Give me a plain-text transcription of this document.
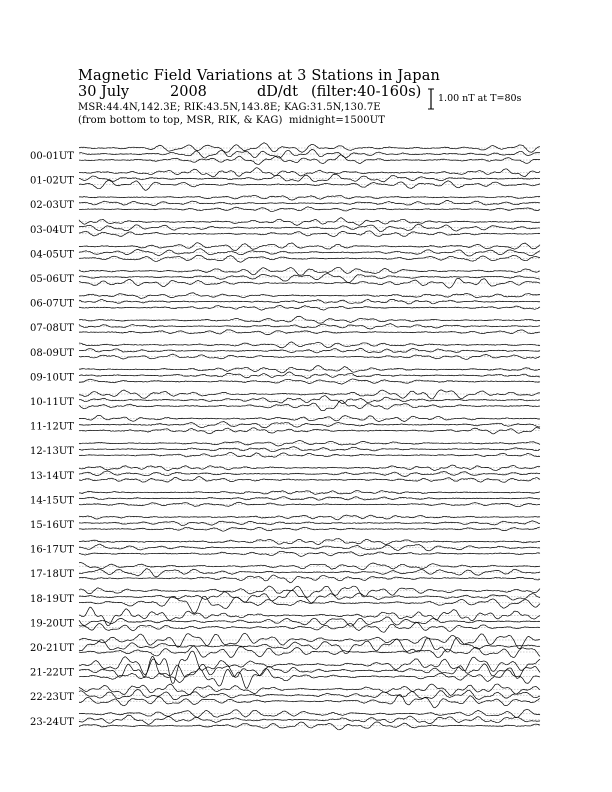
Magnetic Field Variations at 3 Stations in Japan
30 July	2008	dD/dt (filter:40-160s)
MSR:44.4N,142.3E; RIK:43.5N,143.8E; KAG:31.5N,130.7E
(from bottom to top, MSR, RIK, & KAG) midnight=1500UT
1.00 nT at T=80s
00-01UT
01-02UT
02-03UT
03-04UT
04-05UT
05-06UT
06-07UT
07-08UT
08-09UT
09-10UT
10-11UT
11-12UT
12-13UT
13-14UT
14-15UT
15-16UT
16-17UT
17-18UT
18-19UT
19-20UT
20-21UT
21-22UT
22-23UT
23-24UT
